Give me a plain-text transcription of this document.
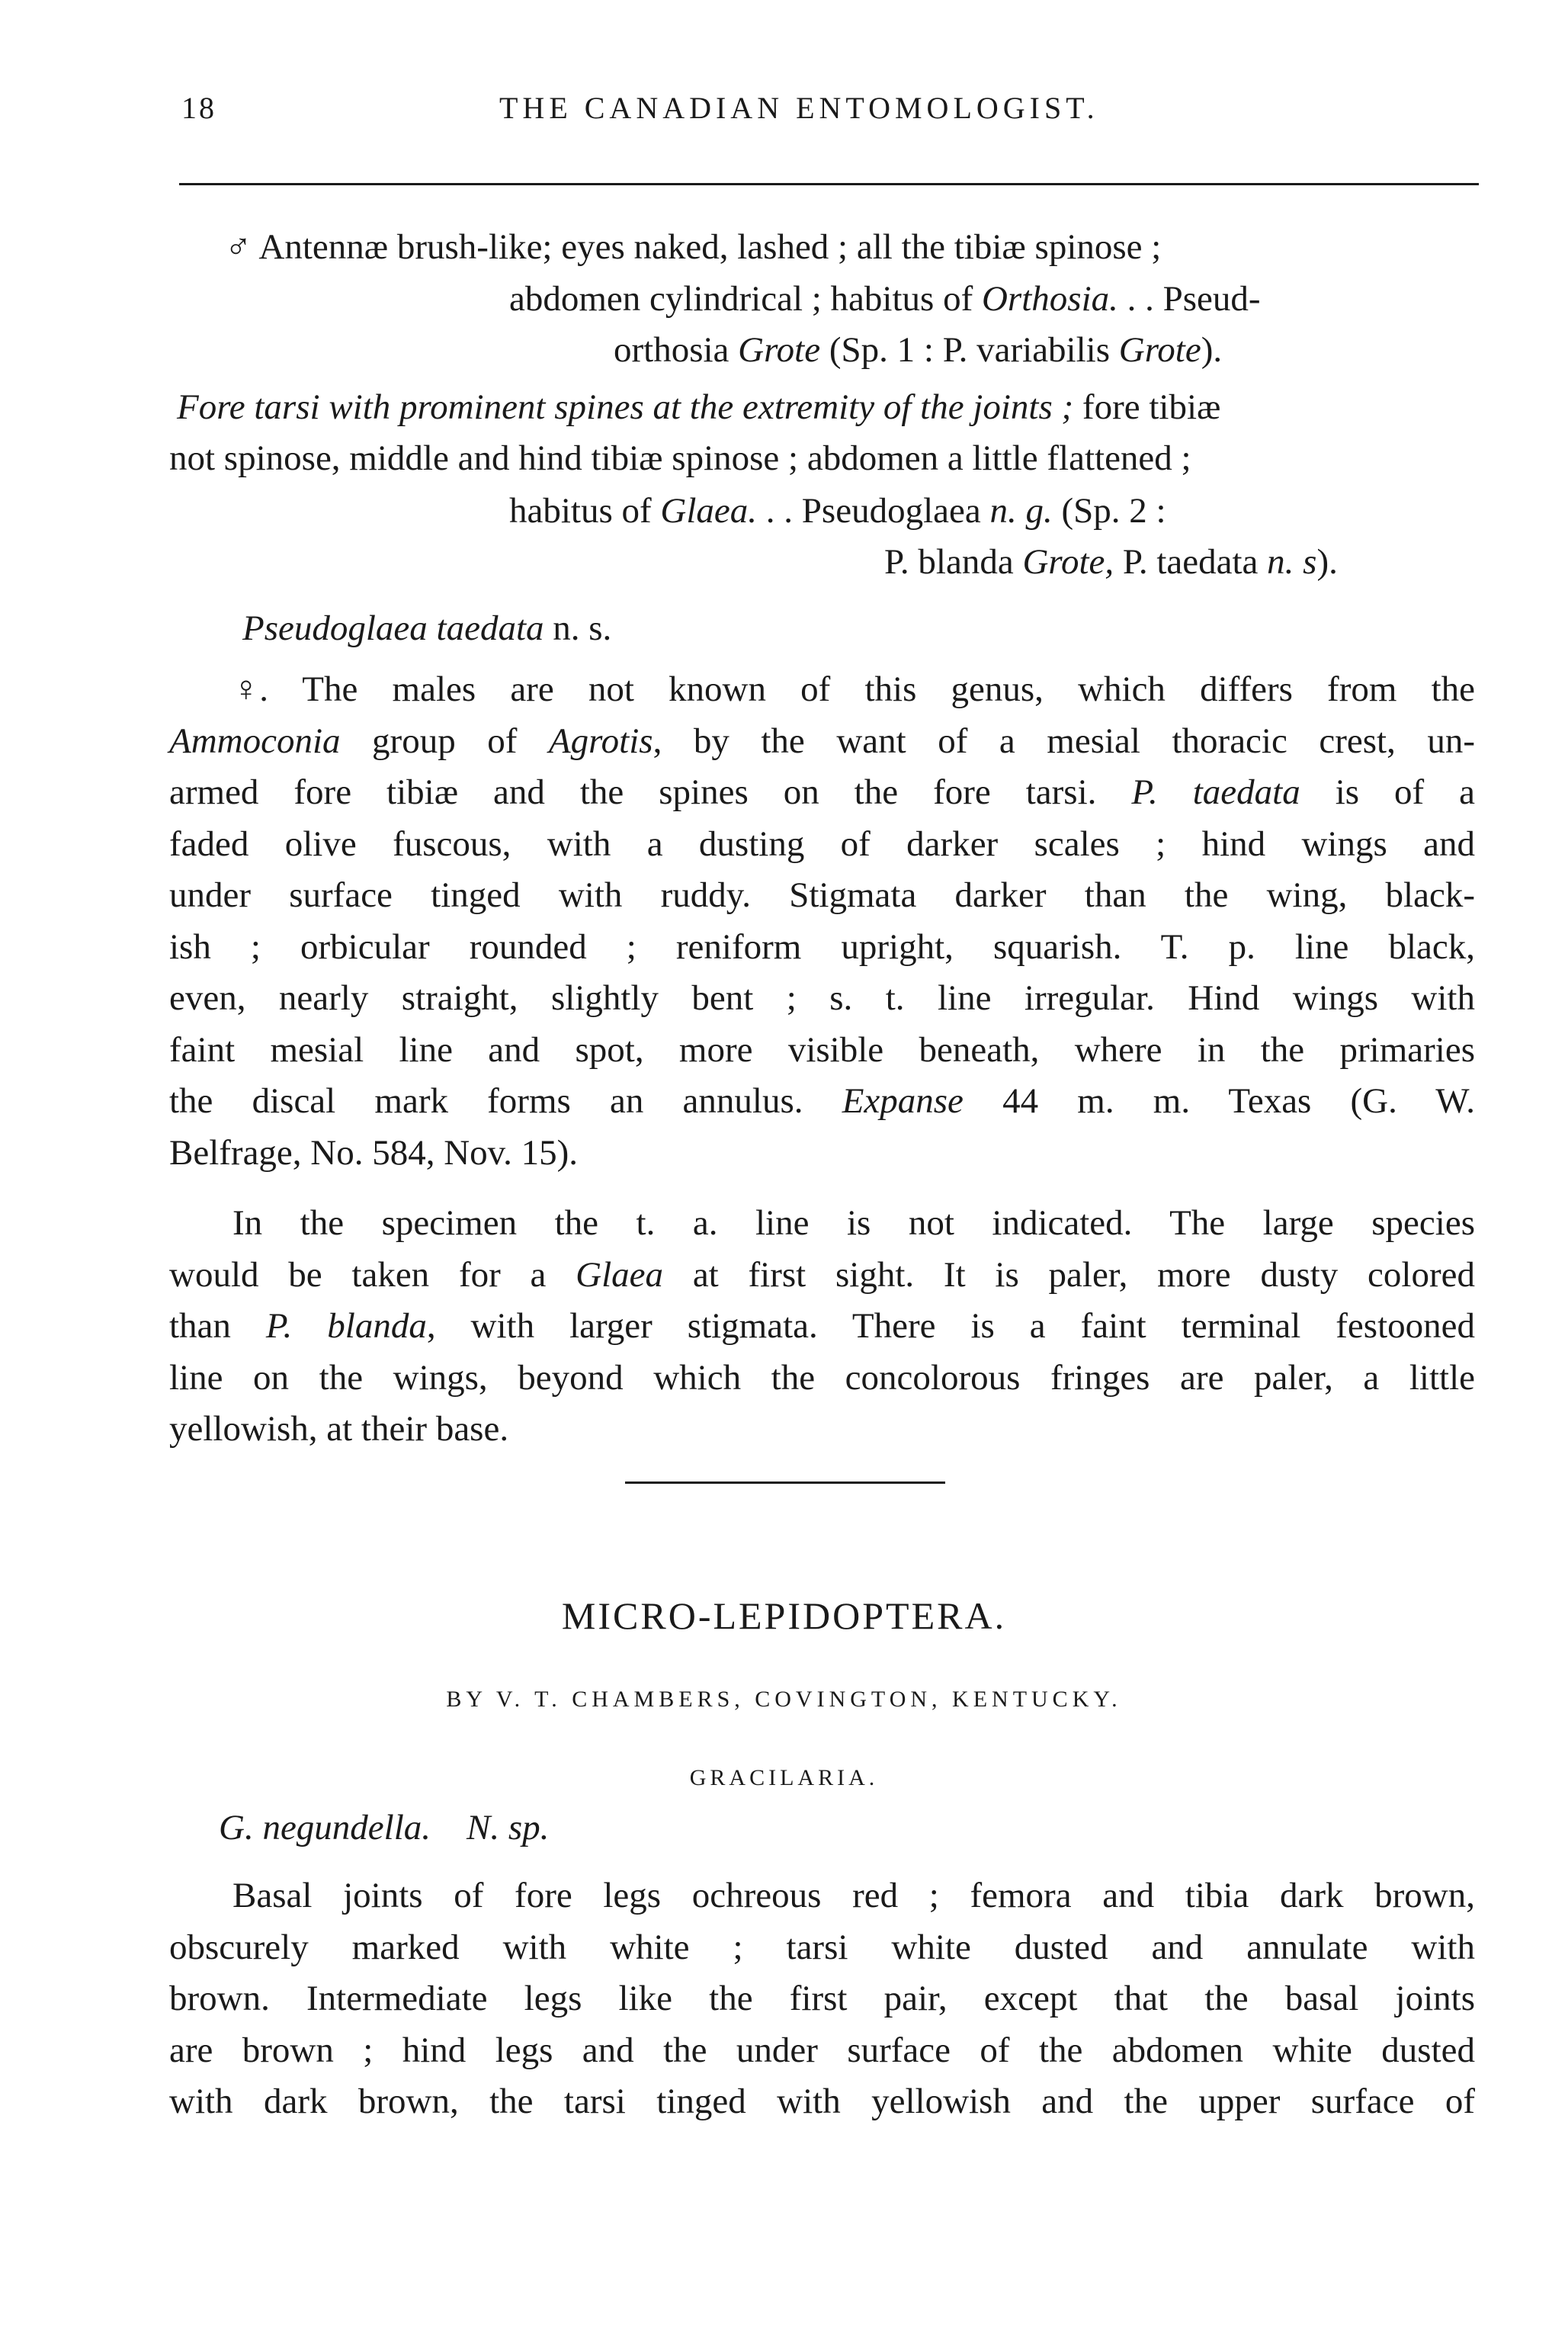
18	THE CANADIAN ENTOMOLOGIST.
♂ Antennæ brush-like; eyes naked, lashed ; all the tibiæ spinose ;
abdomen cylindrical ; habitus of Orthosia. . . Pseud-
orthosia Grote (Sp. 1 : P. variabilis Grote).
Fore tarsi with prominent spines at the extremity of the joints ; fore tibiæ
not spinose, middle and hind tibiæ spinose ; abdomen a little flattened ;
habitus of Glaea. . . Pseudoglaea n. g. (Sp. 2 :
P. blanda Grote, P. taedata n. s).
Pseudoglaea taedata n. s.
♀. The males are not known of this genus, which differs from the
Ammoconia group of Agrotis, by the want of a mesial thoracic crest, un-
armed fore tibiæ and the spines on the fore tarsi. P. taedata is of a
faded olive fuscous, with a dusting of darker scales ; hind wings and
under surface tinged with ruddy. Stigmata darker than the wing, black-
ish ; orbicular rounded ; reniform upright, squarish. T. p. line black,
even, nearly straight, slightly bent ; s. t. line irregular. Hind wings with
faint mesial line and spot, more visible beneath, where in the primaries
the discal mark forms an annulus. Expanse 44 m. m. Texas (G. W.
Belfrage, No. 584, Nov. 15).
In the specimen the t. a. line is not indicated. The large species
would be taken for a Glaea at first sight. It is paler, more dusty colored
than P. blanda, with larger stigmata. There is a faint terminal festooned
line on the wings, beyond which the concolorous fringes are paler, a little
yellowish, at their base.
MICRO-LEPIDOPTERA.
BY V. T. CHAMBERS, COVINGTON, KENTUCKY.
GRACILARIA.
G. negundella. N. sp.
Basal joints of fore legs ochreous red ; femora and tibia dark brown,
obscurely marked with white ; tarsi white dusted and annulate with
brown. Intermediate legs like the first pair, except that the basal joints
are brown ; hind legs and the under surface of the abdomen white dusted
with dark brown, the tarsi tinged with yellowish and the upper surface of
